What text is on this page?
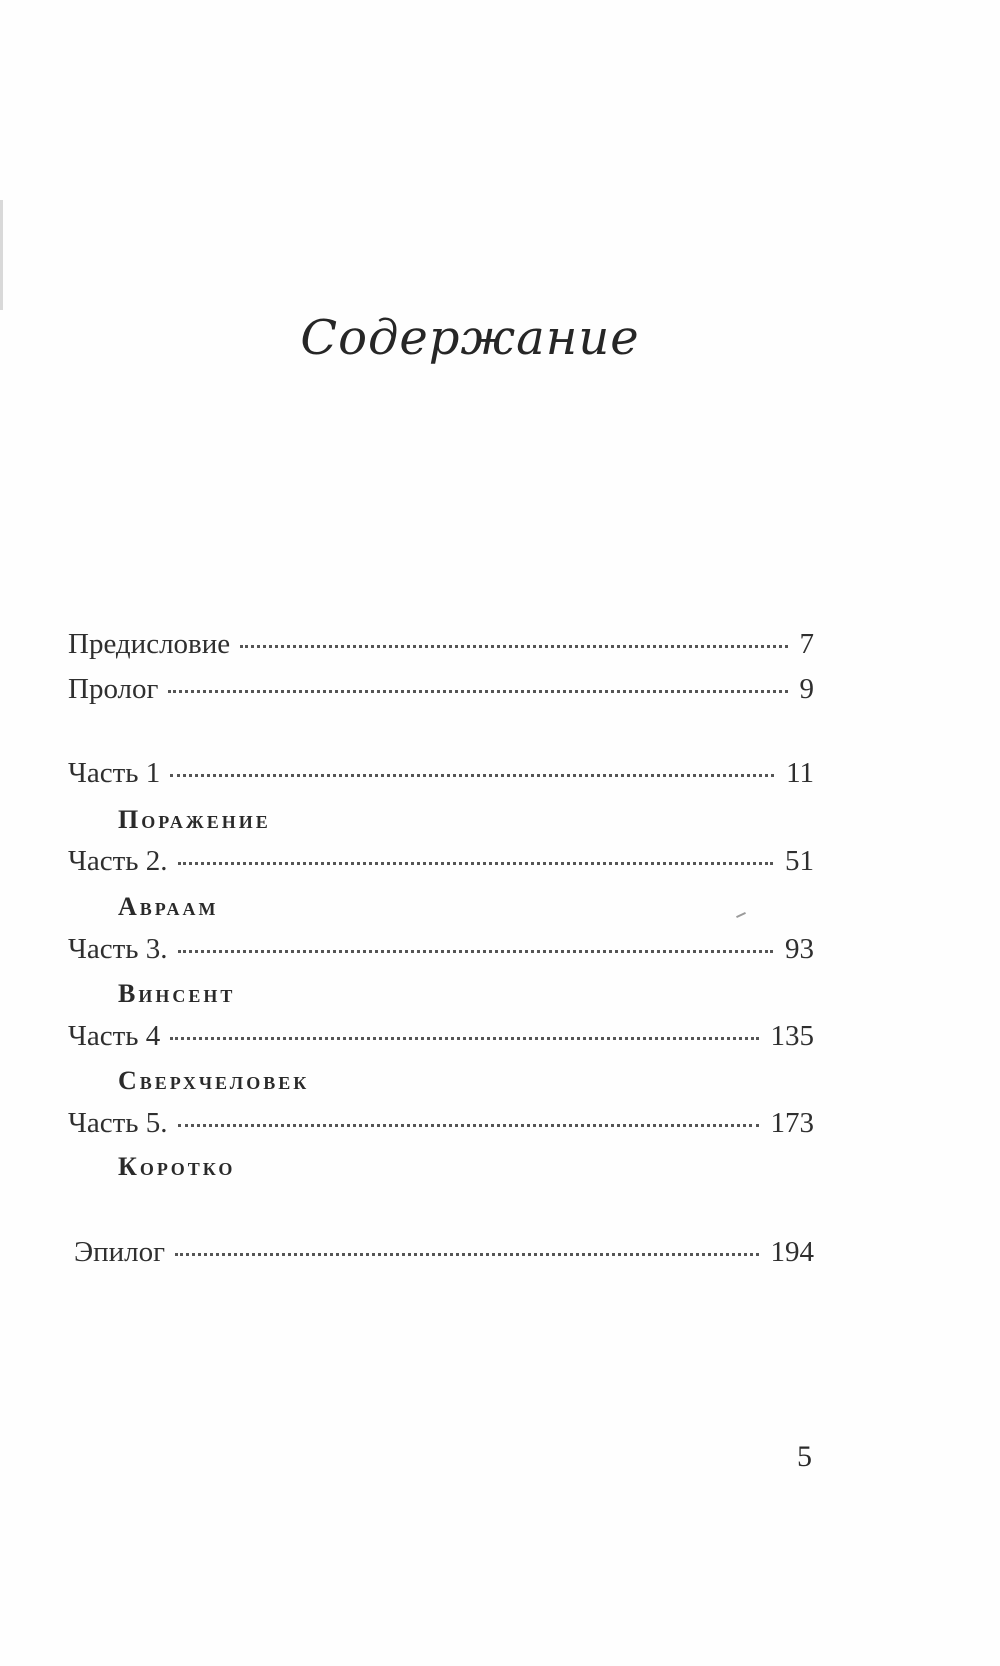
Содержание
Предисловие	7
Пролог	9
Часть 1	11
Поражение
Часть 2.	51
Авраам
Часть 3.	93
Винсент
Часть 4	135
Сверхчеловек
Часть 5.	173
Коротко
Эпилог	194
5
